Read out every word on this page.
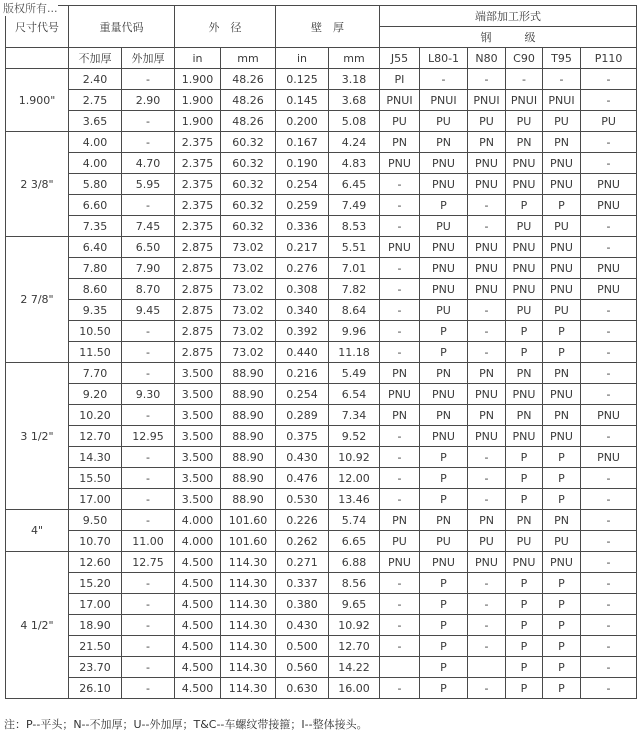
版权所有...
尺寸代号	重量代码		外　径		壁　厚		端部加工形式					
							钢　　　级					
	不加厚	外加厚	in	mm	in	mm	J55	L80-1	N80	C90	T95	P110
1.900"	2.40	-	1.900	48.26	0.125	3.18	PI	-	-	-	-	-
	2.75	2.90	1.900	48.26	0.145	3.68	PNUI	PNUI	PNUI	PNUI	PNUI	-
	3.65	-	1.900	48.26	0.200	5.08	PU	PU	PU	PU	PU	PU
2 3/8"	4.00	-	2.375	60.32	0.167	4.24	PN	PN	PN	PN	PN	-
	4.00	4.70	2.375	60.32	0.190	4.83	PNU	PNU	PNU	PNU	PNU	-
	5.80	5.95	2.375	60.32	0.254	6.45	-	PNU	PNU	PNU	PNU	PNU
	6.60	-	2.375	60.32	0.259	7.49	-	P	-	P	P	PNU
	7.35	7.45	2.375	60.32	0.336	8.53	-	PU	-	PU	PU	-
2 7/8"	6.40	6.50	2.875	73.02	0.217	5.51	PNU	PNU	PNU	PNU	PNU	-
	7.80	7.90	2.875	73.02	0.276	7.01	-	PNU	PNU	PNU	PNU	PNU
	8.60	8.70	2.875	73.02	0.308	7.82	-	PNU	PNU	PNU	PNU	PNU
	9.35	9.45	2.875	73.02	0.340	8.64	-	PU	-	PU	PU	-
	10.50	-	2.875	73.02	0.392	9.96	-	P	-	P	P	-
	11.50	-	2.875	73.02	0.440	11.18	-	P	-	P	P	-
3 1/2"	7.70	-	3.500	88.90	0.216	5.49	PN	PN	PN	PN	PN	-
	9.20	9.30	3.500	88.90	0.254	6.54	PNU	PNU	PNU	PNU	PNU	-
	10.20	-	3.500	88.90	0.289	7.34	PN	PN	PN	PN	PN	PNU
	12.70	12.95	3.500	88.90	0.375	9.52	-	PNU	PNU	PNU	PNU	-
	14.30	-	3.500	88.90	0.430	10.92	-	P	-	P	P	PNU
	15.50	-	3.500	88.90	0.476	12.00	-	P	-	P	P	-
	17.00	-	3.500	88.90	0.530	13.46	-	P	-	P	P	-
4"	9.50	-	4.000	101.60	0.226	5.74	PN	PN	PN	PN	PN	-
	10.70	11.00	4.000	101.60	0.262	6.65	PU	PU	PU	PU	PU	-
4 1/2"	12.60	12.75	4.500	114.30	0.271	6.88	PNU	PNU	PNU	PNU	PNU	-
	15.20	-	4.500	114.30	0.337	8.56	-	P	-	P	P	-
	17.00	-	4.500	114.30	0.380	9.65	-	P	-	P	P	-
	18.90	-	4.500	114.30	0.430	10.92	-	P	-	P	P	-
	21.50	-	4.500	114.30	0.500	12.70	-	P	-	P	P	-
	23.70	-	4.500	114.30	0.560	14.22		P		P	P	-
	26.10	-	4.500	114.30	0.630	16.00	-	P	-	P	P	-
注：P--平头；N--不加厚；U--外加厚；T&C--车螺纹带接箍；I--整体接头。
